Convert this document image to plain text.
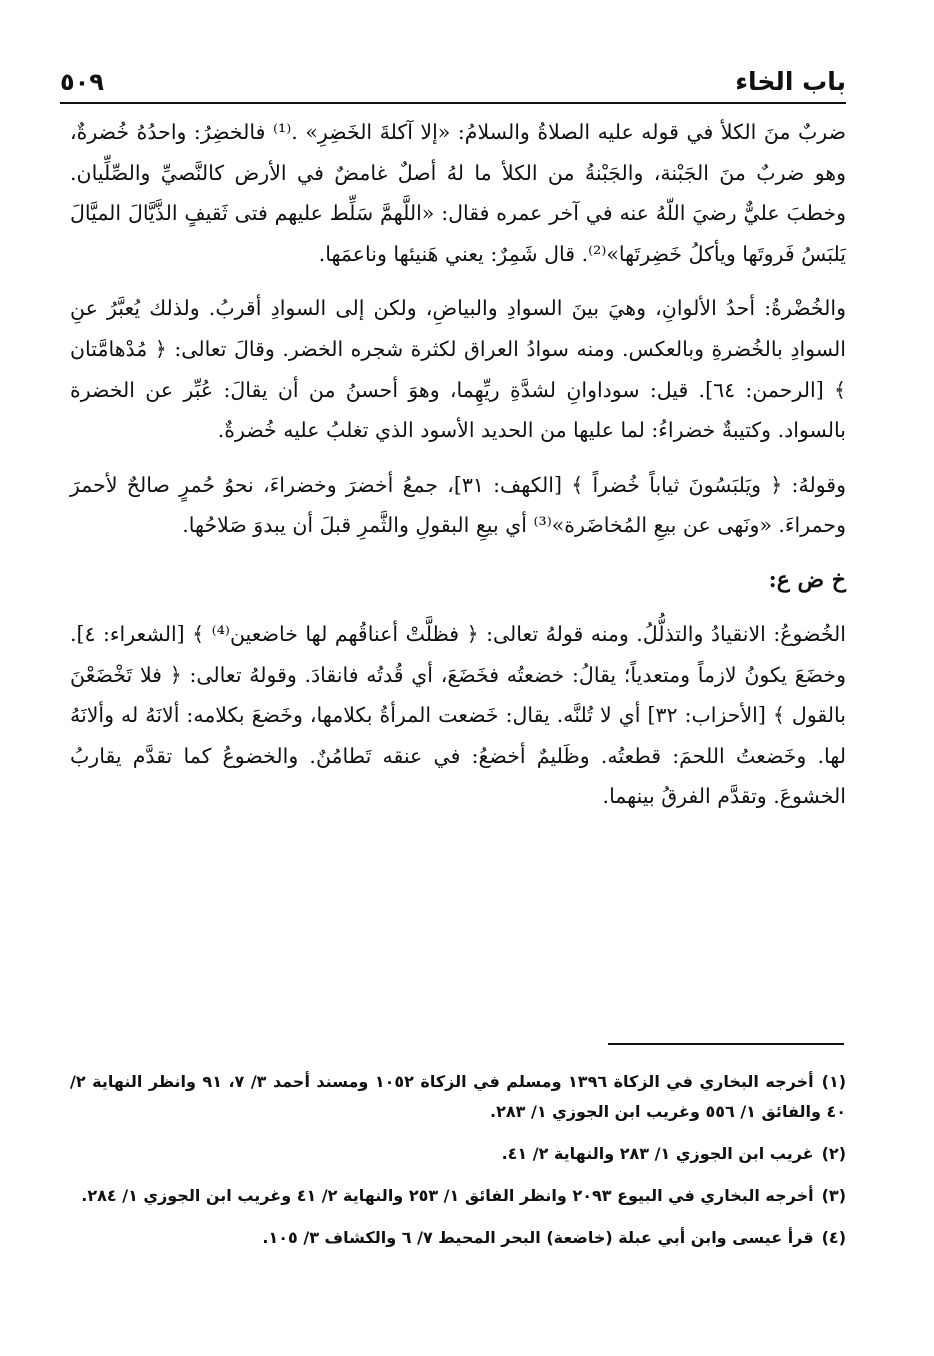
باب الخاء
٥٠٩

ضربٌ منَ الكلأ في قوله عليه الصلاةُ والسلامُ: «إلا آكلةَ الخَضِرِ» .⁽¹⁾ فالخضِرُ: واحدُهُ خُضرةٌ، وهو ضربٌ منَ الجَبْنة، والجَبْنةُ من الكلأ ما لهُ أصلٌ غامضٌ في الأرض كالنَّصيِّ والصِّلِّيان. وخطبَ عليٌّ رضيَ اللّهُ عنه في آخر عمره فقال: «اللَّهمَّ سَلِّط عليهم فتى ثَقيفٍ الذَّيَّالَ الميَّالَ يَلبَسُ فَروتَها ويأكلُ خَضِرتَها»⁽²⁾. قال شَمِرٌ: يعني هَنيئها وناعمَها.

والخُضْرةُ: أحدُ الألوانِ، وهيَ بينَ السوادِ والبياضِ، ولكن إلى السوادِ أقربُ. ولذلك يُعبَّرُ عنِ السوادِ بالخُضرةِ وبالعكس. ومنه سوادُ العراق لكثرة شجره الخضر. وقالَ تعالى: ﴿ مُدْهامَّتان ﴾ [الرحمن: ٦٤]. قيل: سوداوانِ لشدَّةِ ريِّهِما، وهوَ أحسنُ من أن يقالَ: عُبِّر عن الخضرة بالسواد. وكتيبةٌ خضراءُ: لما عليها من الحديد الأسود الذي تغلبُ عليه خُضرةٌ.

وقولهُ: ﴿ ويَلبَسُونَ ثياباً خُضراً ﴾ [الكهف: ٣١]، جمعُ أخضرَ وخضراءَ، نحوُ حُمرٍ صالحٌ لأحمرَ وحمراءَ. «ونَهى عن بيعِ المُخاضَرة»⁽³⁾ أي بيعِ البقولِ والثَّمرِ قبلَ أن يبدوَ صَلاحُها.

خ ض ع:

الخُضوعُ: الانقيادُ والتذلُّلُ. ومنه قولهُ تعالى: ﴿ فظلَّتْ أعناقُهم لها خاضعين⁽⁴⁾ ﴾ [الشعراء: ٤]. وخضَعَ يكونُ لازماً ومتعدياً؛ يقالُ: خضعتُه فخَضَعَ، أي قُدتُه فانقادَ. وقولهُ تعالى: ﴿ فلا تَخْضَعْنَ بالقول ﴾ [الأحزاب: ٣٢] أي لا تُلنَّه. يقال: خَضعت المرأةُ بكلامها، وخَضعَ بكلامه: ألانَهُ له وألانَهُ لها. وخَضعتُ اللحمَ: قطعتُه. وظَليمٌ أخضعُ: في عنقه تَطامُنٌ. والخضوعُ كما تقدَّم يقاربُ الخشوعَ. وتقدَّم الفرقُ بينهما.

(١)أخرجه البخاري في الزكاة ١٣٩٦ ومسلم في الزكاة ١٠٥٢ ومسند أحمد ٣/ ٧، ٩١ وانظر النهاية ٢/ ٤٠ والفائق ١/ ٥٥٦ وغريب ابن الجوزي ١/ ٢٨٣.

(٢)غريب ابن الجوزي ١/ ٢٨٣ والنهاية ٢/ ٤١.

(٣)أخرجه البخاري في البيوع ٢٠٩٣ وانظر الفائق ١/ ٢٥٣ والنهاية ٢/ ٤١ وغريب ابن الجوزي ١/ ٢٨٤.

(٤)قرأ عيسى وابن أبي عبلة (خاضعة) البحر المحيط ٧/ ٦ والكشاف ٣/ ١٠٥.
